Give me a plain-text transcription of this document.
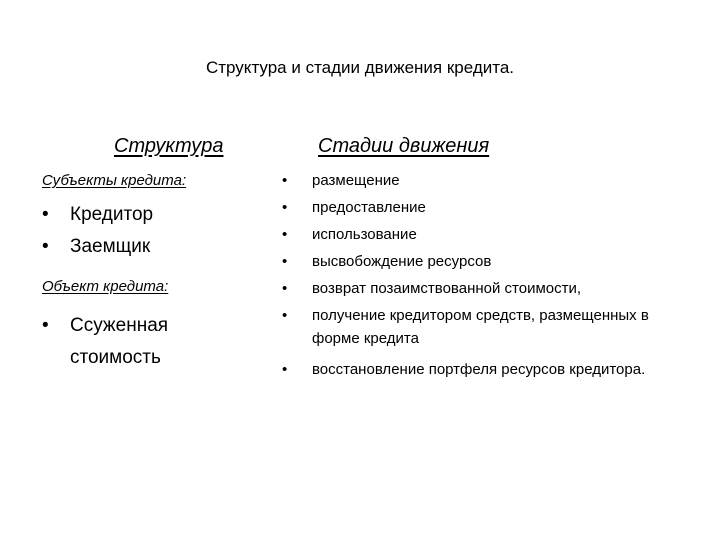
Структура и стадии движения кредита.
Структура	Стадии движения
Субъекты кредита:
• Кредитор
• Заемщик
Объект кредита:
• Ссуженная
стоимость
• размещение
• предоставление
• использование
• высвобождение ресурсов
• возврат позаимствованной стоимости,
• получение кредитором средств, размещенных в форме кредита
• восстановление портфеля ресурсов кредитора.
